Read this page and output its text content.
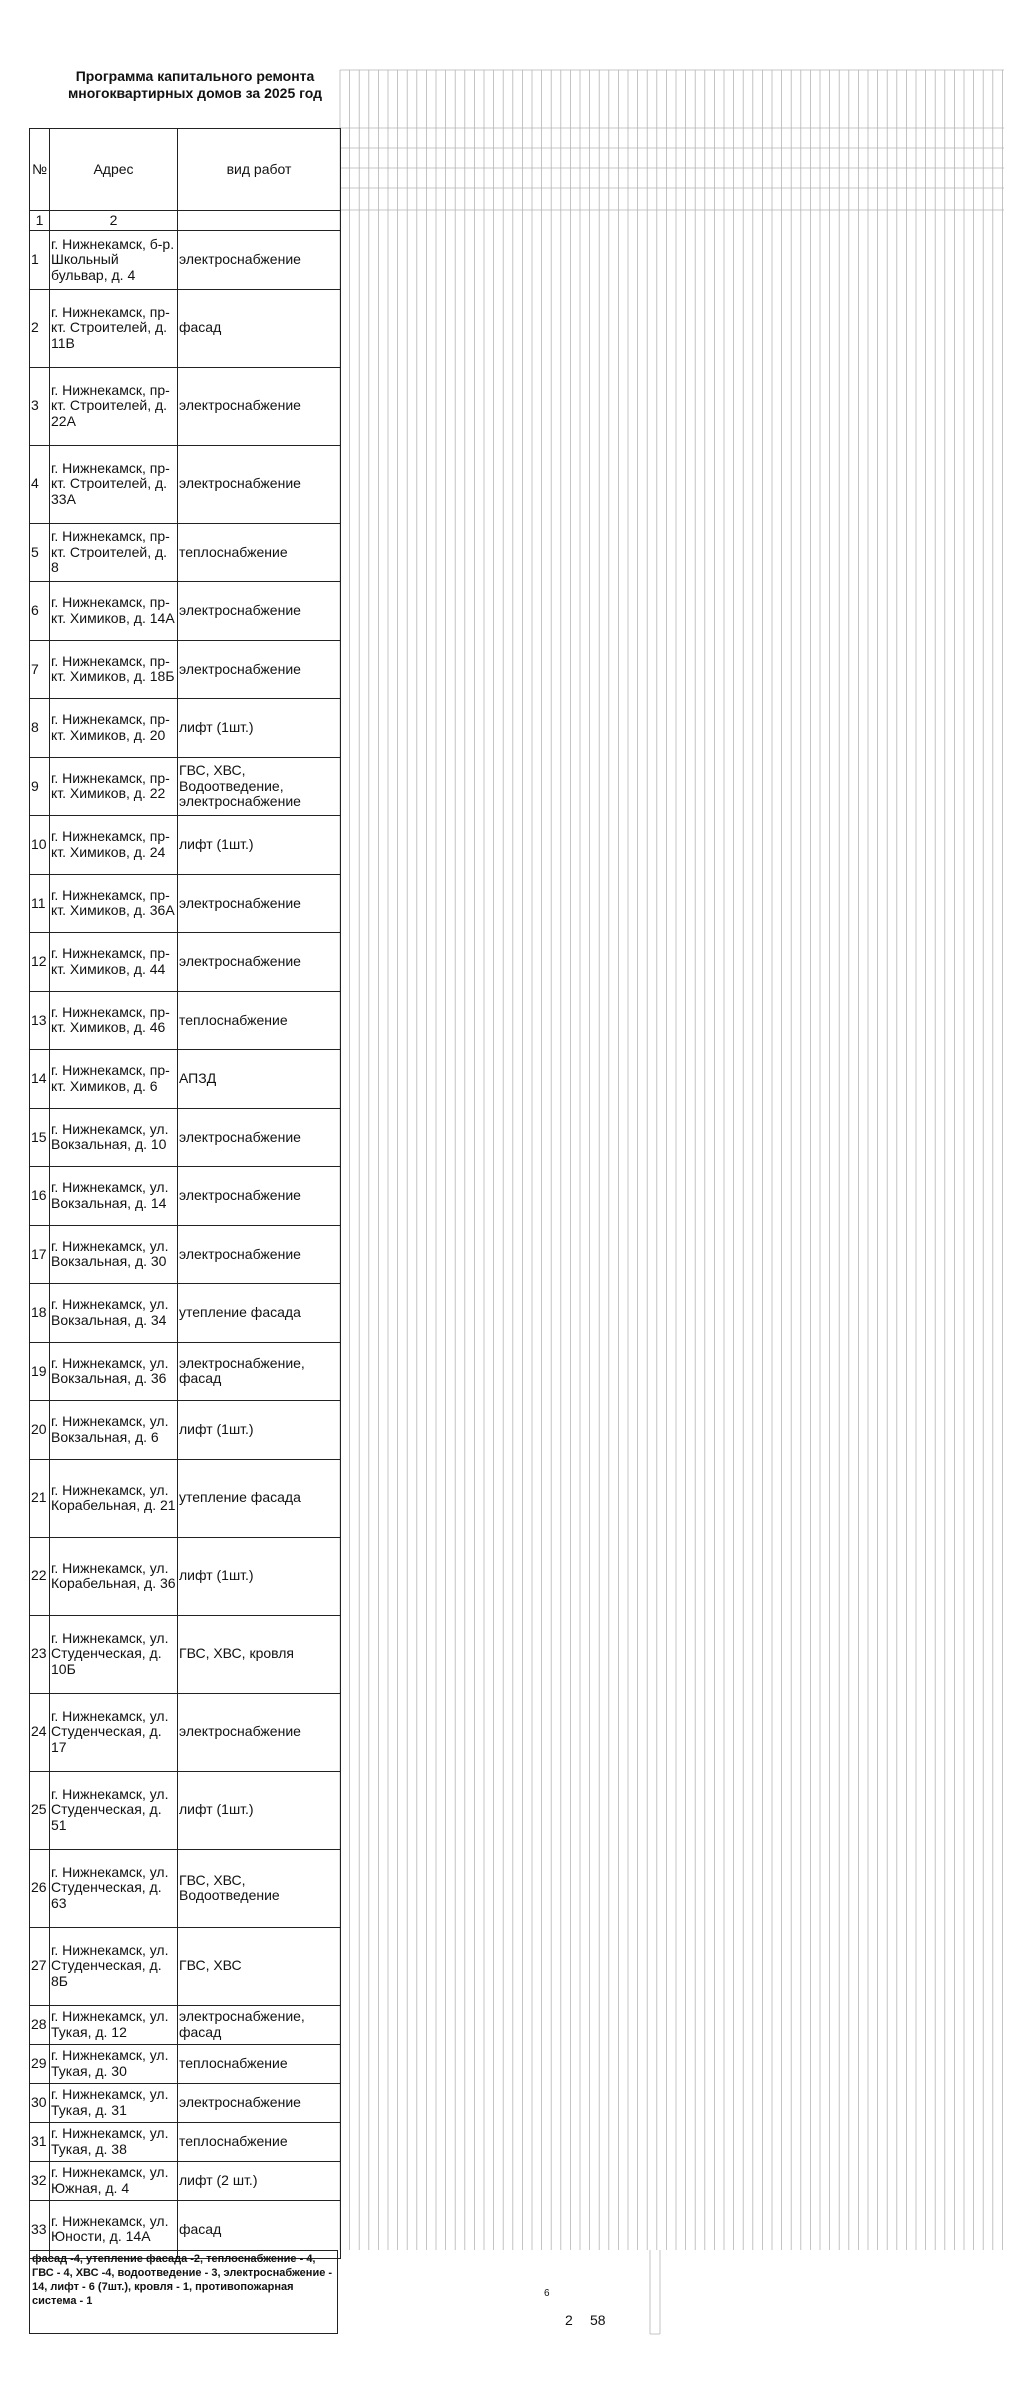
Программа капитального ремонта многоквартирных домов за 2025 год
№	Адрес	вид работ
1	2	
1	г. Нижнекамск, б-р. Школьный бульвар, д. 4	электроснабжение
2	г. Нижнекамск, пр-кт. Строителей, д. 11В	фасад
3	г. Нижнекамск, пр-кт. Строителей, д. 22А	электроснабжение
4	г. Нижнекамск, пр-кт. Строителей, д. 33А	электроснабжение
5	г. Нижнекамск, пр-кт. Строителей, д. 8	теплоснабжение
6	г. Нижнекамск, пр-кт. Химиков, д. 14А	электроснабжение
7	г. Нижнекамск, пр-кт. Химиков, д. 18Б	электроснабжение
8	г. Нижнекамск, пр-кт. Химиков, д. 20	лифт (1шт.)
9	г. Нижнекамск, пр-кт. Химиков, д. 22	ГВС, ХВС, Водоотведение, электроснабжение
10	г. Нижнекамск, пр-кт. Химиков, д. 24	лифт (1шт.)
11	г. Нижнекамск, пр-кт. Химиков, д. 36А	электроснабжение
12	г. Нижнекамск, пр-кт. Химиков, д. 44	электроснабжение
13	г. Нижнекамск, пр-кт. Химиков, д. 46	теплоснабжение
14	г. Нижнекамск, пр-кт. Химиков, д. 6	АПЗД
15	г. Нижнекамск, ул. Вокзальная, д. 10	электроснабжение
16	г. Нижнекамск, ул. Вокзальная, д. 14	электроснабжение
17	г. Нижнекамск, ул. Вокзальная, д. 30	электроснабжение
18	г. Нижнекамск, ул. Вокзальная, д. 34	утепление фасада
19	г. Нижнекамск, ул. Вокзальная, д. 36	электроснабжение, фасад
20	г. Нижнекамск, ул. Вокзальная, д. 6	лифт (1шт.)
21	г. Нижнекамск, ул. Корабельная, д. 21	утепление фасада
22	г. Нижнекамск, ул. Корабельная, д. 36	лифт (1шт.)
23	г. Нижнекамск, ул. Студенческая, д. 10Б	ГВС, ХВС, кровля
24	г. Нижнекамск, ул. Студенческая, д. 17	электроснабжение
25	г. Нижнекамск, ул. Студенческая, д. 51	лифт (1шт.)
26	г. Нижнекамск, ул. Студенческая, д. 63	ГВС, ХВС, Водоотведение
27	г. Нижнекамск, ул. Студенческая, д. 8Б	ГВС, ХВС
28	г. Нижнекамск, ул. Тукая, д. 12	электроснабжение, фасад
29	г. Нижнекамск, ул. Тукая, д. 30	теплоснабжение
30	г. Нижнекамск, ул. Тукая, д. 31	электроснабжение
31	г. Нижнекамск, ул. Тукая, д. 38	теплоснабжение
32	г. Нижнекамск, ул. Южная, д. 4	лифт (2 шт.)
33	г. Нижнекамск, ул. Юности, д. 14А	фасад
фасад -4, утепление фасада -2, теплоснабжение - 4, ГВС - 4, ХВС -4, водоотведение - 3, электроснабжение - 14, лифт - 6 (7шт.), кровля - 1, противопожарная система - 1
6
2 58
